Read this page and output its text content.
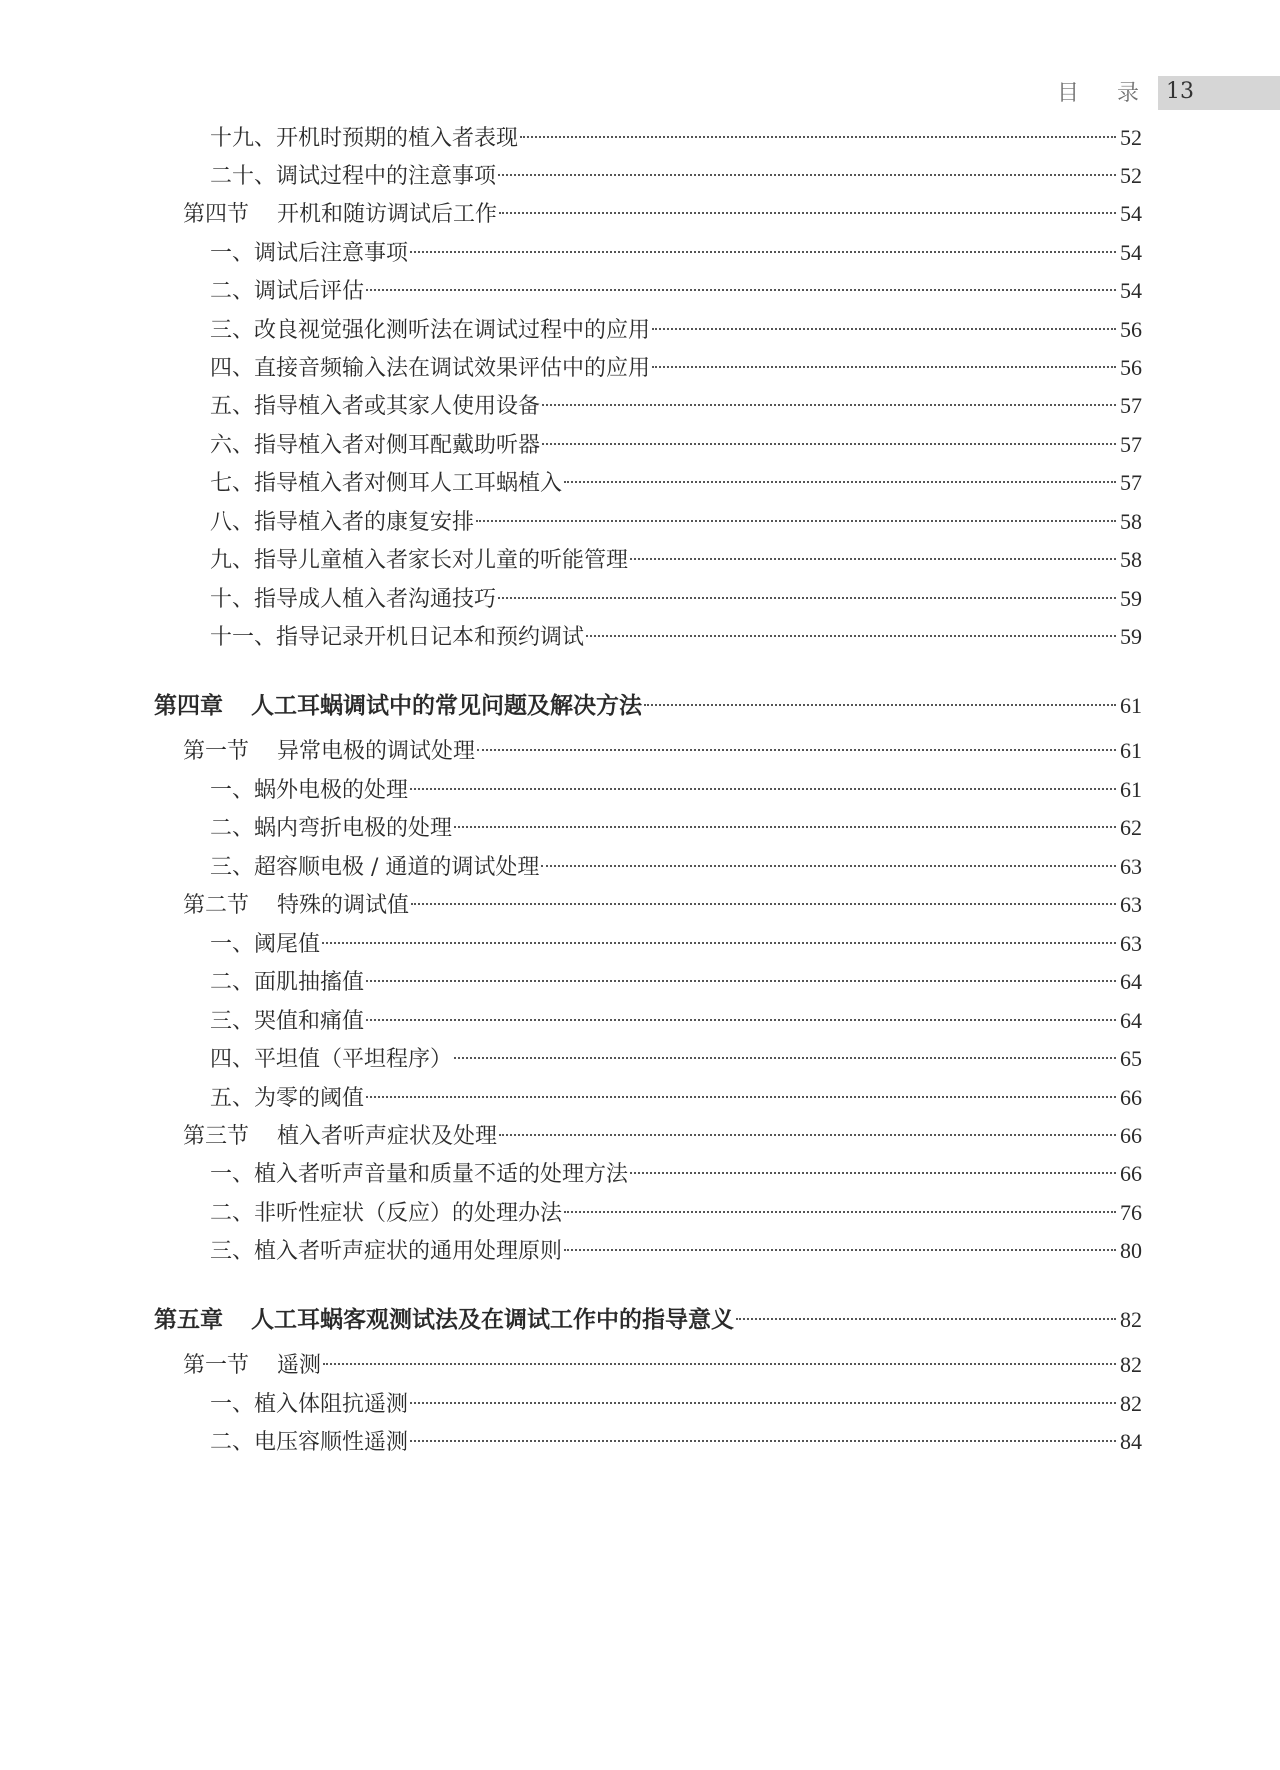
目 录 13
十九、开机时预期的植入者表现	52
二十、调试过程中的注意事项	52
第四节 开机和随访调试后工作	54
一、调试后注意事项	54
二、调试后评估	54
三、改良视觉强化测听法在调试过程中的应用	56
四、直接音频输入法在调试效果评估中的应用	56
五、指导植入者或其家人使用设备	57
六、指导植入者对侧耳配戴助听器	57
七、指导植入者对侧耳人工耳蜗植入	57
八、指导植入者的康复安排	58
九、指导儿童植入者家长对儿童的听能管理	58
十、指导成人植入者沟通技巧	59
十一、指导记录开机日记本和预约调试	59
第四章 人工耳蜗调试中的常见问题及解决方法	61
第一节 异常电极的调试处理	61
一、蜗外电极的处理	61
二、蜗内弯折电极的处理	62
三、超容顺电极 / 通道的调试处理	63
第二节 特殊的调试值	63
一、阈尾值	63
二、面肌抽搐值	64
三、哭值和痛值	64
四、平坦值（平坦程序）	65
五、为零的阈值	66
第三节 植入者听声症状及处理	66
一、植入者听声音量和质量不适的处理方法	66
二、非听性症状（反应）的处理办法	76
三、植入者听声症状的通用处理原则	80
第五章 人工耳蜗客观测试法及在调试工作中的指导意义	82
第一节 遥测	82
一、植入体阻抗遥测	82
二、电压容顺性遥测	84
